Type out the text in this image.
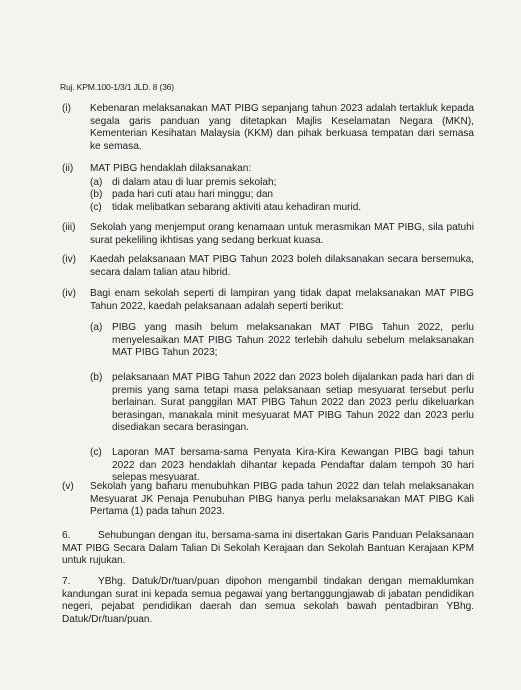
Ruj. KPM.100-1/3/1 JLD. 8 (36)
(i)	Kebenaran melaksanakan MAT PIBG sepanjang tahun 2023 adalah tertakluk kepada segala garis panduan yang ditetapkan Majlis Keselamatan Negara (MKN), Kementerian Kesihatan Malaysia (KKM) dan pihak berkuasa tempatan dari semasa ke semasa.
(ii)	MAT PIBG hendaklah dilaksanakan:
(a) di dalam atau di luar premis sekolah;
(b) pada hari cuti atau hari minggu; dan
(c) tidak melibatkan sebarang aktiviti atau kehadiran murid.
(iii)	Sekolah yang menjemput orang kenamaan untuk merasmikan MAT PIBG, sila patuhi surat pekeliling ikhtisas yang sedang berkuat kuasa.
(iv)	Kaedah pelaksanaan MAT PIBG Tahun 2023 boleh dilaksanakan secara bersemuka, secara dalam talian atau hibrid.
(iv)	Bagi enam sekolah seperti di lampiran yang tidak dapat melaksanakan MAT PIBG Tahun 2022, kaedah pelaksanaan adalah seperti berikut:
(a) PIBG yang masih belum melaksanakan MAT PIBG Tahun 2022, perlu menyelesaikan MAT PIBG Tahun 2022 terlebih dahulu sebelum melaksanakan MAT PIBG Tahun 2023;
(b) pelaksanaan MAT PIBG Tahun 2022 dan 2023 boleh dijalankan pada hari dan di premis yang sama tetapi masa pelaksanaan setiap mesyuarat tersebut perlu berlainan. Surat panggilan MAT PIBG Tahun 2022 dan 2023 perlu dikeluarkan berasingan, manakala minit mesyuarat MAT PIBG Tahun 2022 dan 2023 perlu disediakan secara berasingan.
(c) Laporan MAT bersama-sama Penyata Kira-Kira Kewangan PIBG bagi tahun 2022 dan 2023 hendaklah dihantar kepada Pendaftar dalam tempoh 30 hari selepas mesyuarat.
(v)	Sekolah yang baharu menubuhkan PIBG pada tahun 2022 dan telah melaksanakan Mesyuarat JK Penaja Penubuhan PIBG hanya perlu melaksanakan MAT PIBG Kali Pertama (1) pada tahun 2023.
6.	Sehubungan dengan itu, bersama-sama ini disertakan Garis Panduan Pelaksanaan MAT PIBG Secara Dalam Talian Di Sekolah Kerajaan dan Sekolah Bantuan Kerajaan KPM untuk rujukan.
7.	YBhg. Datuk/Dr/tuan/puan dipohon mengambil tindakan dengan memaklumkan kandungan surat ini kepada semua pegawai yang bertanggungjawab di jabatan pendidikan negeri, pejabat pendidikan daerah dan semua sekolah bawah pentadbiran YBhg. Datuk/Dr/tuan/puan.
